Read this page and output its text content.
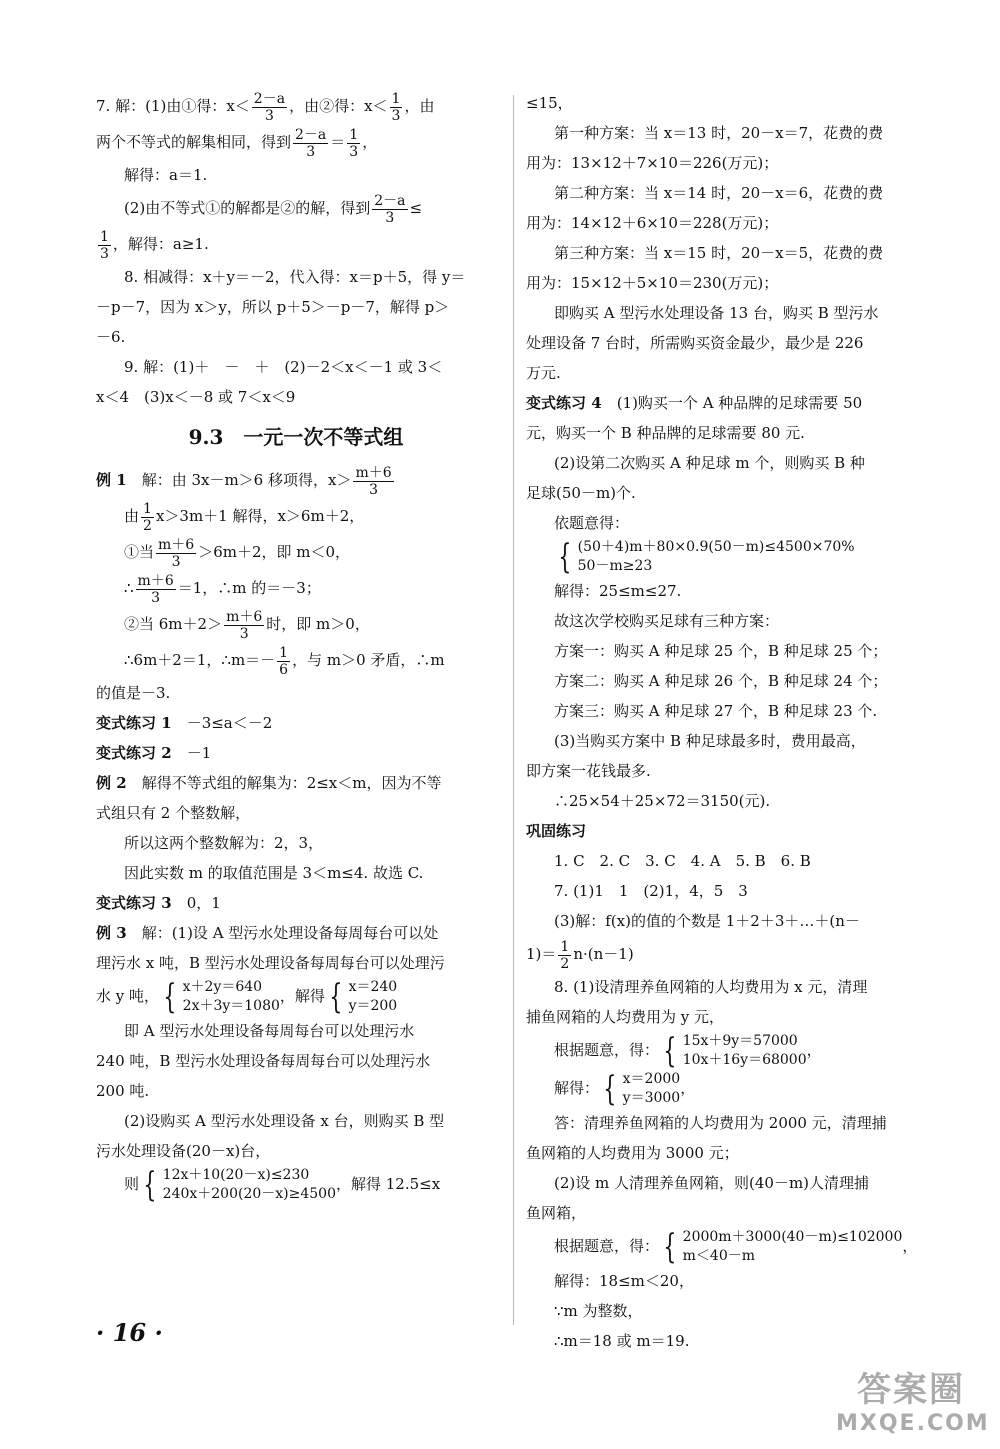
7. 解：(1)由①得：$x< \frac{2-a}{3}$ ，由②得：$x< \frac{1}{3}$ ，由
两个不等式的解集相同，得到 $\frac{2-a}{3} = \frac{1}{3}$ ，
解得：a＝1.
(2)由不等式①的解都是②的解，得到 $\frac{2-a}{3}$ ≤
$\frac{1}{3}$ ，解得：a≥1.
8. 相减得：x＋y＝－2，代入得：x＝p＋5，得 y＝
－p－7，因为 x＞y，所以 p＋5＞－p－7，解得 p＞
－6.
9. 解：(1)＋　－　＋　(2)－2＜x＜－1 或 3＜
x＜4　(3)x＜－8 或 7＜x＜9
9.3　一元一次不等式组
例 1　 解：由 3x－m＞6 移项得，$x> \frac{m+6}{3}$
由 $\frac{1}{2} x>3m+1$ 解得，x＞6m＋2，
①当 $\frac{m+6}{3} >6m+2$，即 m＜0，
∴ $\frac{m+6}{3} =1$，∴m 的＝－3；
②当 $6m+2> \frac{m+6}{3}$ 时，即 m＞0，
∴6m＋2＝1，∴m＝－ $\frac{1}{6}$ ，与 m＞0 矛盾，∴m
的值是－3.
变式练习 1　 －3≤a＜－2
变式练习 2　 －1
例 2　 解得不等式组的解集为：2≤x＜m，因为不等
式组只有 2 个整数解，
所以这两个整数解为：2，3，
因此实数 m 的取值范围是 3＜m≤4. 故选 C.
变式练习 3　 0，1
例 3　 解：(1)设 A 型污水处理设备每周每台可以处
理污水 x 吨，B 型污水处理设备每周每台可以处理污
水 y 吨， { x＋2y＝640
2x＋3y＝1080
，解得 { x＝240
y＝200
即 A 型污水处理设备每周每台可以处理污水
240 吨，B 型污水处理设备每周每台可以处理污水
200 吨.
(2)设购买 A 型污水处理设备 x 台，则购买 B 型
污水处理设备(20－x)台，
则 { 12x＋10(20－x)≤230
240x＋200(20－x)≥4500
，解得 12.5≤x
≤15，
第一种方案：当 x＝13 时，20－x＝7，花费的费
用为：13×12＋7×10＝226(万元)；
第二种方案：当 x＝14 时，20－x＝6，花费的费
用为：14×12＋6×10＝228(万元)；
第三种方案：当 x＝15 时，20－x＝5，花费的费
用为：15×12＋5×10＝230(万元)；
即购买 A 型污水处理设备 13 台，购买 B 型污水
处理设备 7 台时，所需购买资金最少，最少是 226
万元.
变式练习 4　 (1)购买一个 A 种品牌的足球需要 50
元，购买一个 B 种品牌的足球需要 80 元.
(2)设第二次购买 A 种足球 m 个，则购买 B 种
足球(50－m)个.
依题意得：
{ (50＋4)m＋80×0.9(50－m)≤4500×70%
50－m≥23
解得：25≤m≤27.
故这次学校购买足球有三种方案：
方案一：购买 A 种足球 25 个，B 种足球 25 个；
方案二：购买 A 种足球 26 个，B 种足球 24 个；
方案三：购买 A 种足球 27 个，B 种足球 23 个.
(3)当购买方案中 B 种足球最多时，费用最高，
即方案一花钱最多.
∴25×54＋25×72＝3150(元).
巩固练习
1. C　2. C　3. C　4. A　5. B　6. B
7. (1)1　1　(2)1，4，5　3
(3)解：f(x)的值的个数是 1＋2＋3＋…＋(n－
$1)= \frac{1}{2} n\cdot(n-1)$
8. (1)设清理养鱼网箱的人均费用为 x 元，清理
捕鱼网箱的人均费用为 y 元，
根据题意，得： { 15x＋9y＝57000
10x＋16y＝68000
，
解得： { x＝2000
y＝3000
，
答：清理养鱼网箱的人均费用为 2000 元，清理捕
鱼网箱的人均费用为 3000 元；
(2)设 m 人清理养鱼网箱，则(40－m)人清理捕
鱼网箱，
根据题意，得： { 2000m＋3000(40－m)≤102000
m＜40－m
，
解得：18≤m＜20，
∵m 为整数，
∴m＝18 或 m＝19.
· 16 ·
答案圈
MXQE.COM
